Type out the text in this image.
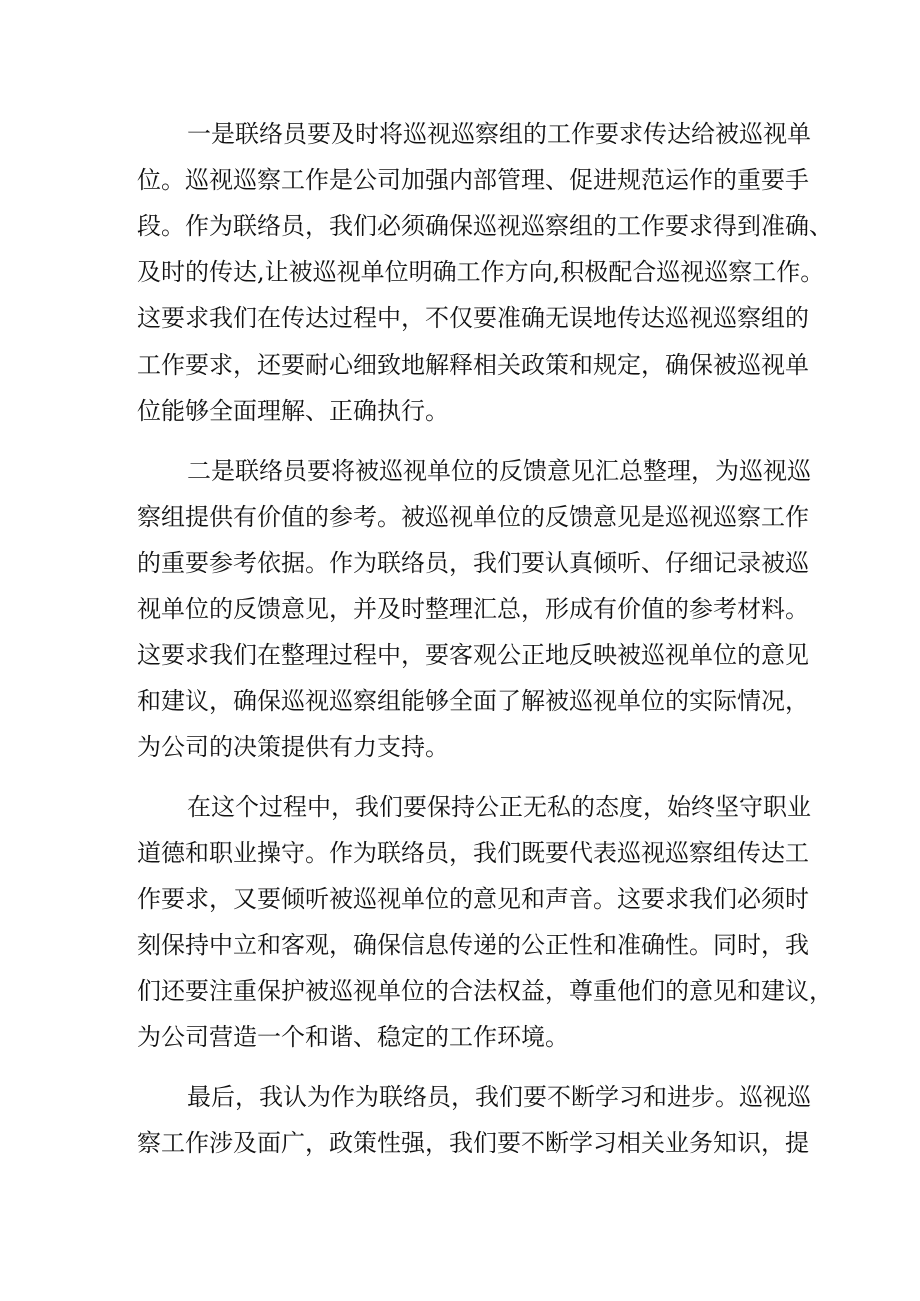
一是联络员要及时将巡视巡察组的工作要求传达给被巡视单
位。巡视巡察工作是公司加强内部管理、促进规范运作的重要手
段。作为联络员，我们必须确保巡视巡察组的工作要求得到准确、
及时的传达,让被巡视单位明确工作方向,积极配合巡视巡察工作。
这要求我们在传达过程中，不仅要准确无误地传达巡视巡察组的
工作要求，还要耐心细致地解释相关政策和规定，确保被巡视单
位能够全面理解、正确执行。
二是联络员要将被巡视单位的反馈意见汇总整理，为巡视巡
察组提供有价值的参考。被巡视单位的反馈意见是巡视巡察工作
的重要参考依据。作为联络员，我们要认真倾听、仔细记录被巡
视单位的反馈意见，并及时整理汇总，形成有价值的参考材料。
这要求我们在整理过程中，要客观公正地反映被巡视单位的意见
和建议，确保巡视巡察组能够全面了解被巡视单位的实际情况，
为公司的决策提供有力支持。
在这个过程中，我们要保持公正无私的态度，始终坚守职业
道德和职业操守。作为联络员，我们既要代表巡视巡察组传达工
作要求，又要倾听被巡视单位的意见和声音。这要求我们必须时
刻保持中立和客观，确保信息传递的公正性和准确性。同时，我
们还要注重保护被巡视单位的合法权益，尊重他们的意见和建议，
为公司营造一个和谐、稳定的工作环境。
最后，我认为作为联络员，我们要不断学习和进步。巡视巡
察工作涉及面广，政策性强，我们要不断学习相关业务知识，提
